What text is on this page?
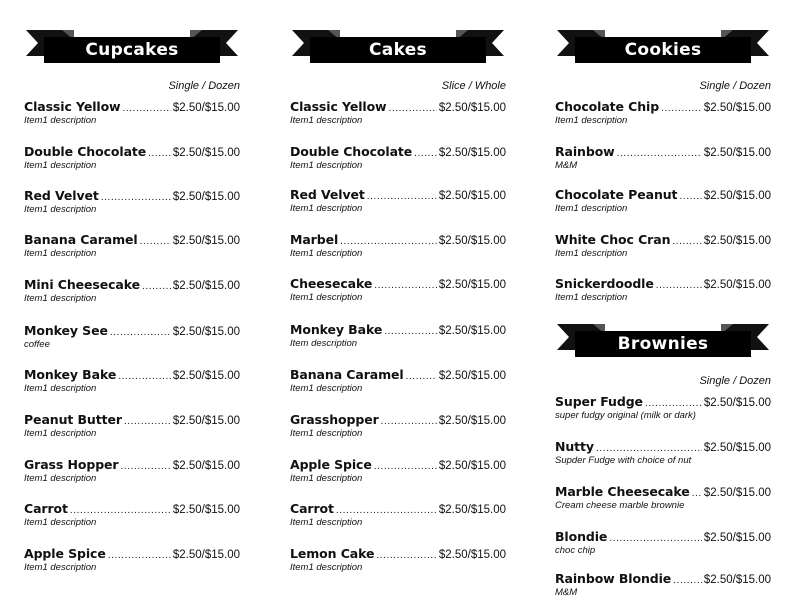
Cupcakes
Single / Dozen
Classic Yellow .....	$2.50/$15.00
Item1 description
Double Chocolate ..... $2.50/$15.00
Item1 description
Red Velvet .....	$2.50/$15.00
Item1 description
Banana Caramel .....	$2.50/$15.00
Item1 description
Mini Cheesecake .....	$2.50/$15.00
Item1 description
Monkey See .....	$2.50/$15.00
coffee
Monkey Bake .....	$2.50/$15.00
Item1 description
Peanut Butter .....	$2.50/$15.00
Item1 description
Grass Hopper .....	$2.50/$15.00
Item1 description
Carrot .....	$2.50/$15.00
Item1 description
Apple Spice .....	$2.50/$15.00
Item1 description
Cakes
Slice / Whole
Classic Yellow .....	$2.50/$15.00
Item1 description
Double Chocolate ..... $2.50/$15.00
Item1 description
Red Velvet .....	$2.50/$15.00
Item1 description
Marbel .....	$2.50/$15.00
Item1 description
Cheesecake .....	$2.50/$15.00
Item1 description
Monkey Bake .....	$2.50/$15.00
Item description
Banana Caramel .....	$2.50/$15.00
Item1 description
Grasshopper .....	$2.50/$15.00
Item1 description
Apple Spice .....	$2.50/$15.00
Item1 description
Carrot .....	$2.50/$15.00
Item1 description
Lemon Cake .....	$2.50/$15.00
Item1 description
Cookies
Single / Dozen
Chocolate Chip .....	$2.50/$15.00
Item1 description
Rainbow .....	$2.50/$15.00
M&M
Chocolate Peanut ..... $2.50/$15.00
Item1 description
White Choc Cran .....	$2.50/$15.00
Item1 description
Snickerdoodle .....	$2.50/$15.00
Item1 description
Brownies
Single / Dozen
Super Fudge .....	$2.50/$15.00
super fudgy original (milk or dark)
Nutty .....	$2.50/$15.00
Supder Fudge with choice of nut
Marble Cheesecake ..... $2.50/$15.00
Cream cheese marble brownie
Blondie .....	$2.50/$15.00
choc chip
Rainbow Blondie .....	$2.50/$15.00
M&M
